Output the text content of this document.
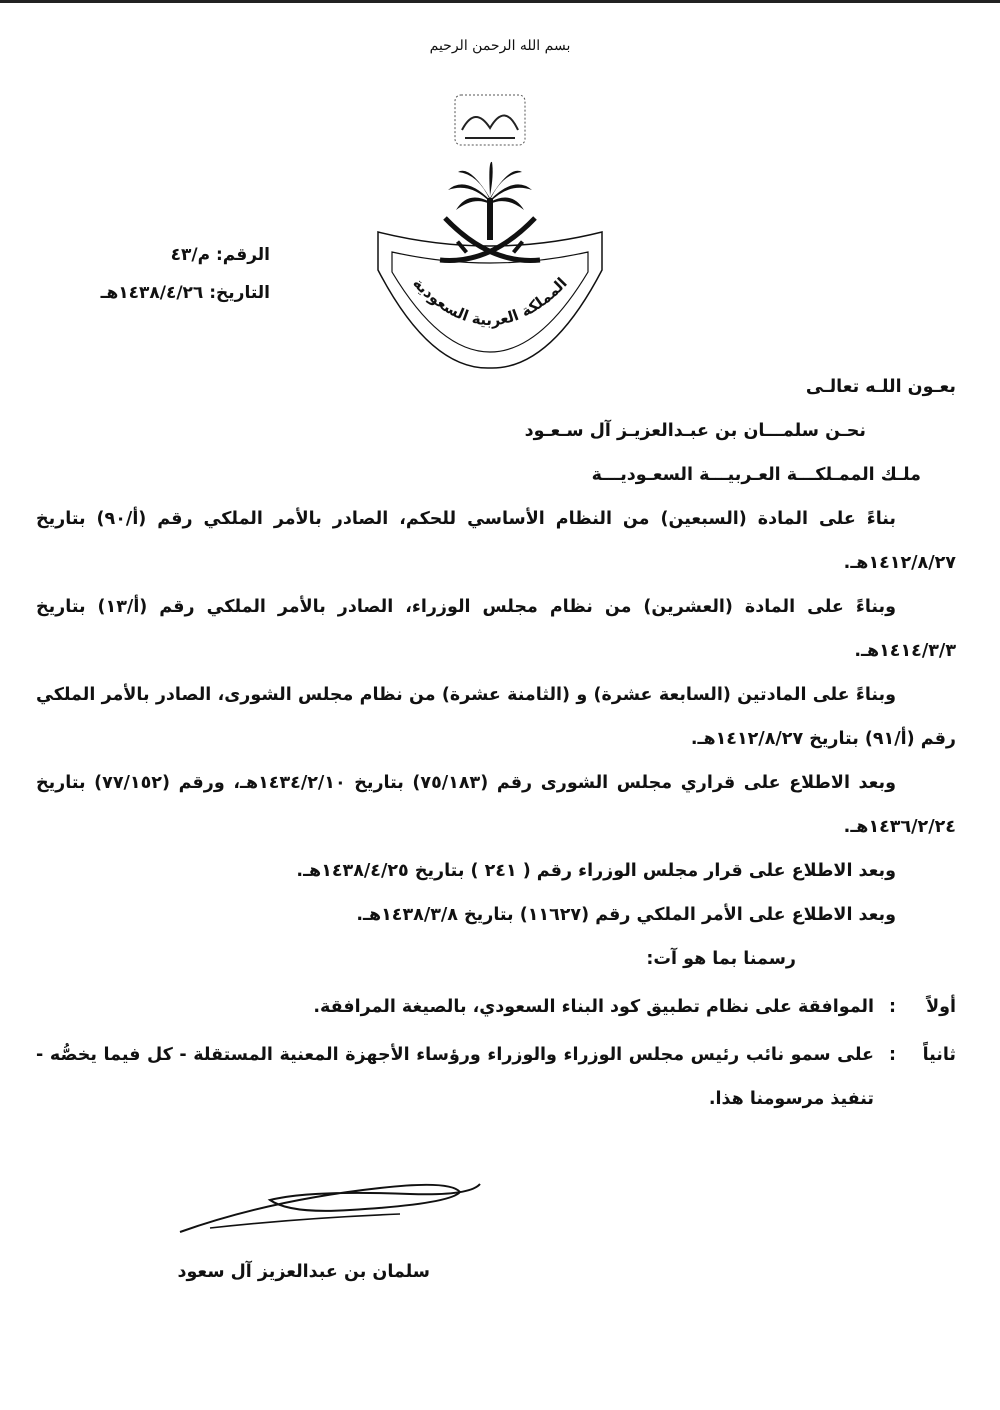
بسم الله الرحمن الرحيم
المملكة العربية السعودية
الرقم: م/٤٣
التاريخ: ١٤٣٨/٤/٢٦هـ

بعـون اللـه تعالـى

نحـن سلمـــان بن عبـدالعزيـز آل سـعـود

ملـك الممـلكـــة العـربيـــة السعـوديـــة

بناءً على المادة (السبعين) من النظام الأساسي للحكم، الصادر بالأمر الملكي رقم (أ/٩٠) بتاريخ ١٤١٢/٨/٢٧هـ.

وبناءً على المادة (العشرين) من نظام مجلس الوزراء، الصادر بالأمر الملكي رقم (أ/١٣) بتاريخ ١٤١٤/٣/٣هـ.

وبناءً على المادتين (السابعة عشرة) و (الثامنة عشرة) من نظام مجلس الشورى، الصادر بالأمر الملكي رقم (أ/٩١) بتاريخ ١٤١٢/٨/٢٧هـ.

وبعد الاطلاع على قراري مجلس الشورى رقم (٧٥/١٨٣) بتاريخ ١٤٣٤/٢/١٠هـ، ورقم (٧٧/١٥٢) بتاريخ ١٤٣٦/٢/٢٤هـ.

وبعد الاطلاع على قرار مجلس الوزراء رقم ( ٢٤١ ) بتاريخ ١٤٣٨/٤/٢٥هـ.

وبعد الاطلاع على الأمر الملكي رقم (١١٦٢٧) بتاريخ ١٤٣٨/٣/٨هـ.

رسمنا بما هو آت:

أولاً
:
الموافقة على نظام تطبيق كود البناء السعودي، بالصيغة المرافقة.
ثانياً
:
على سمو نائب رئيس مجلس الوزراء والوزراء ورؤساء الأجهزة المعنية المستقلة - كل فيما يخصُّه - تنفيذ مرسومنا هذا.
سلمان بن عبدالعزيز آل سعود
